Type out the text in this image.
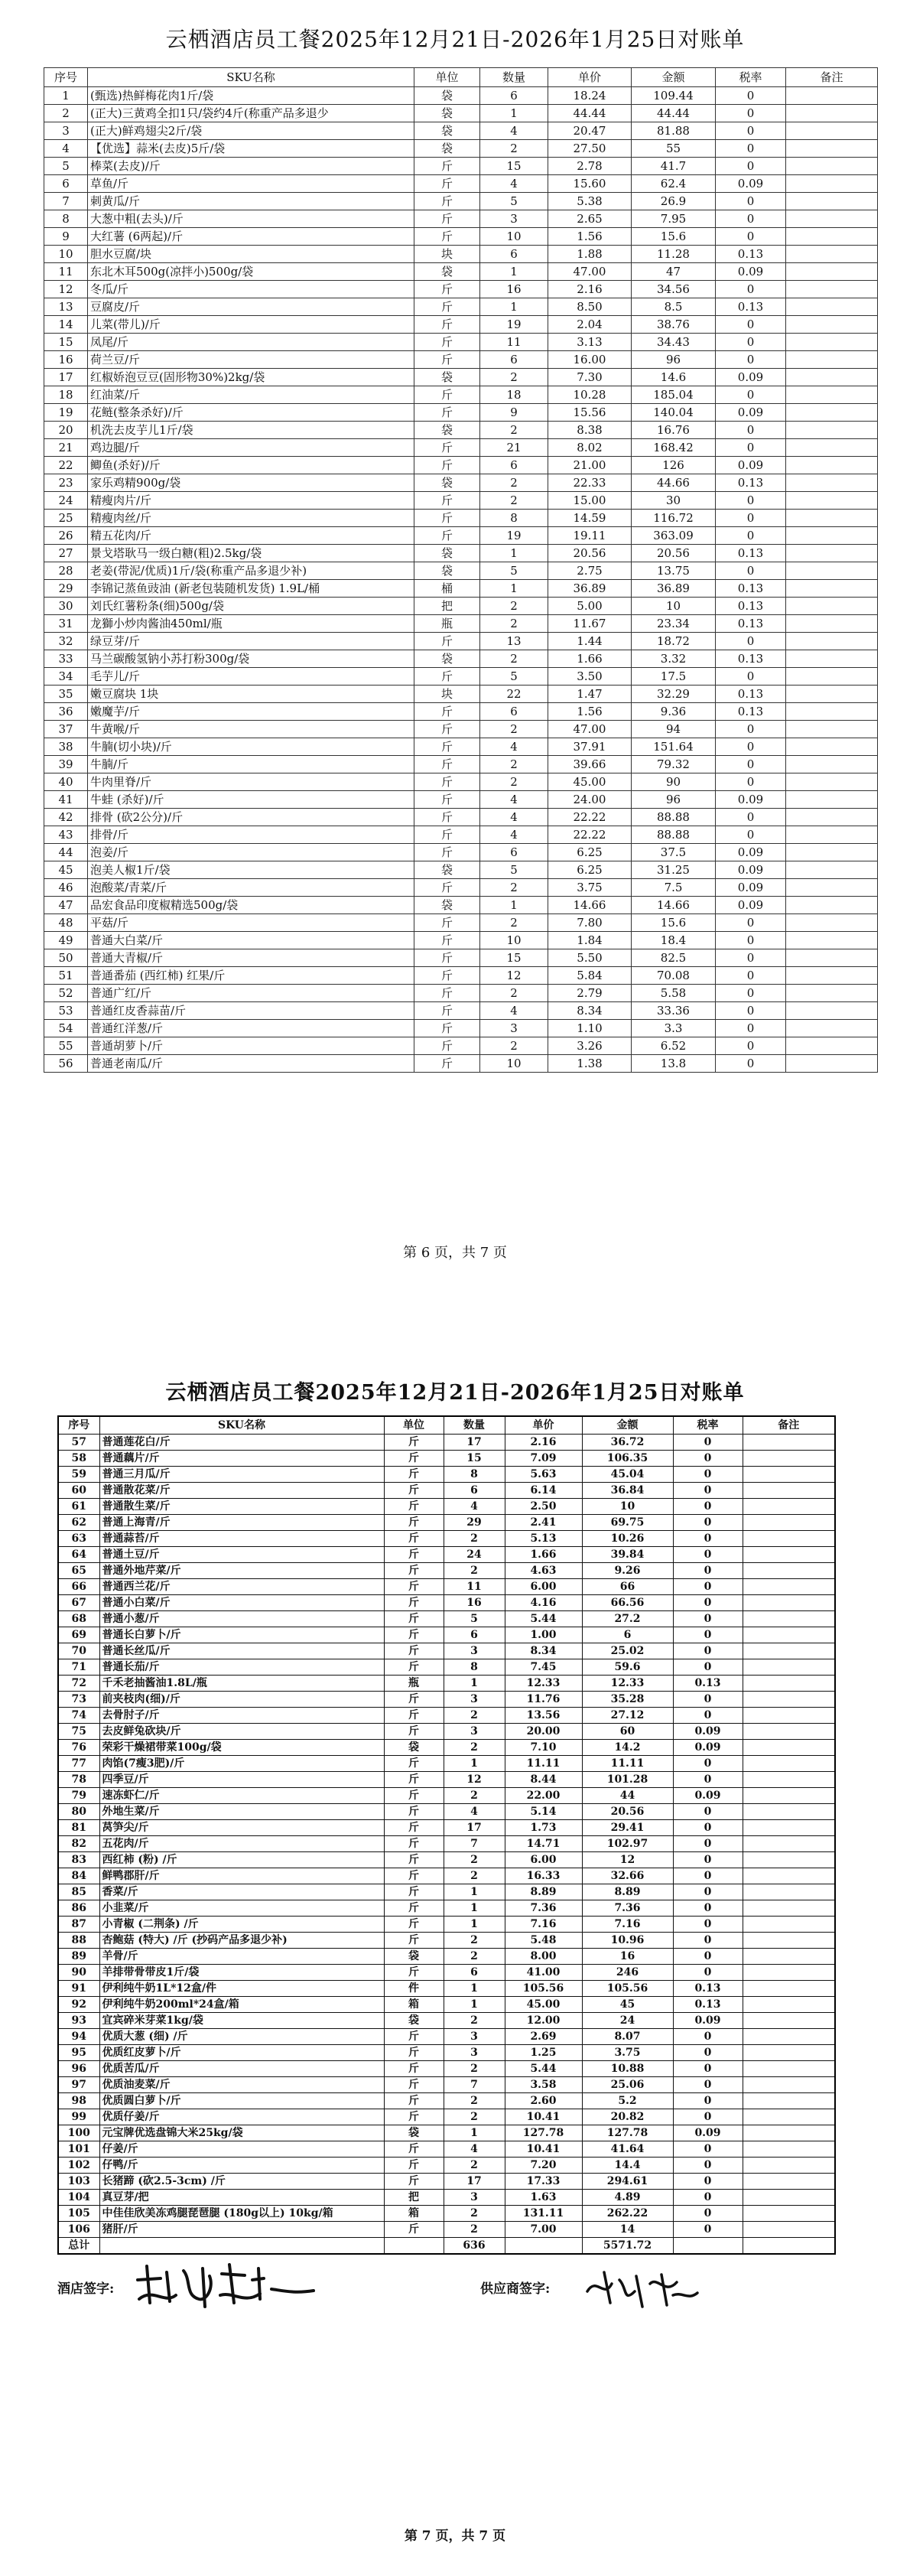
云栖酒店员工餐2025年12月21日-2026年1月25日对账单
序号	SKU名称	单位	数量	单价	金额	税率	备注
1	(甄选)热鲜梅花肉1斤/袋	袋	6	18.24	109.44	0	
2	(正大)三黄鸡全扣1只/袋约4斤(称重产品多退少	袋	1	44.44	44.44	0	
3	(正大)鲜鸡翅尖2斤/袋	袋	4	20.47	81.88	0	
4	【优选】蒜米(去皮)5斤/袋	袋	2	27.50	55	0	
5	棒菜(去皮)/斤	斤	15	2.78	41.7	0	
6	草鱼/斤	斤	4	15.60	62.4	0.09	
7	刺黄瓜/斤	斤	5	5.38	26.9	0	
8	大葱中粗(去头)/斤	斤	3	2.65	7.95	0	
9	大红薯 (6两起)/斤	斤	10	1.56	15.6	0	
10	胆水豆腐/块	块	6	1.88	11.28	0.13	
11	东北木耳500g(凉拌小)500g/袋	袋	1	47.00	47	0.09	
12	冬瓜/斤	斤	16	2.16	34.56	0	
13	豆腐皮/斤	斤	1	8.50	8.5	0.13	
14	儿菜(带儿)/斤	斤	19	2.04	38.76	0	
15	凤尾/斤	斤	11	3.13	34.43	0	
16	荷兰豆/斤	斤	6	16.00	96	0	
17	红椒娇泡豆豆(固形物30%)2kg/袋	袋	2	7.30	14.6	0.09	
18	红油菜/斤	斤	18	10.28	185.04	0	
19	花鲢(整条杀好)/斤	斤	9	15.56	140.04	0.09	
20	机洗去皮芋儿1斤/袋	袋	2	8.38	16.76	0	
21	鸡边腿/斤	斤	21	8.02	168.42	0	
22	鲫鱼(杀好)/斤	斤	6	21.00	126	0.09	
23	家乐鸡精900g/袋	袋	2	22.33	44.66	0.13	
24	精瘦肉片/斤	斤	2	15.00	30	0	
25	精瘦肉丝/斤	斤	8	14.59	116.72	0	
26	精五花肉/斤	斤	19	19.11	363.09	0	
27	景戈塔耿马一级白糖(粗)2.5kg/袋	袋	1	20.56	20.56	0.13	
28	老姜(带泥/优质)1斤/袋(称重产品多退少补)	袋	5	2.75	13.75	0	
29	李锦记蒸鱼豉油 (新老包装随机发货) 1.9L/桶	桶	1	36.89	36.89	0.13	
30	刘氏红薯粉条(细)500g/袋	把	2	5.00	10	0.13	
31	龙獅小炒肉酱油450ml/瓶	瓶	2	11.67	23.34	0.13	
32	绿豆芽/斤	斤	13	1.44	18.72	0	
33	马兰碳酸氢钠小苏打粉300g/袋	袋	2	1.66	3.32	0.13	
34	毛芋儿/斤	斤	5	3.50	17.5	0	
35	嫩豆腐块 1块	块	22	1.47	32.29	0.13	
36	嫩魔芋/斤	斤	6	1.56	9.36	0.13	
37	牛黄喉/斤	斤	2	47.00	94	0	
38	牛腩(切小块)/斤	斤	4	37.91	151.64	0	
39	牛腩/斤	斤	2	39.66	79.32	0	
40	牛肉里脊/斤	斤	2	45.00	90	0	
41	牛蛙 (杀好)/斤	斤	4	24.00	96	0.09	
42	排骨 (砍2公分)/斤	斤	4	22.22	88.88	0	
43	排骨/斤	斤	4	22.22	88.88	0	
44	泡姜/斤	斤	6	6.25	37.5	0.09	
45	泡美人椒1斤/袋	袋	5	6.25	31.25	0.09	
46	泡酸菜/青菜/斤	斤	2	3.75	7.5	0.09	
47	品宏食品印度椒精选500g/袋	袋	1	14.66	14.66	0.09	
48	平菇/斤	斤	2	7.80	15.6	0	
49	普通大白菜/斤	斤	10	1.84	18.4	0	
50	普通大青椒/斤	斤	15	5.50	82.5	0	
51	普通番茄 (西红柿) 红果/斤	斤	12	5.84	70.08	0	
52	普通广红/斤	斤	2	2.79	5.58	0	
53	普通红皮香蒜苗/斤	斤	4	8.34	33.36	0	
54	普通红洋葱/斤	斤	3	1.10	3.3	0	
55	普通胡萝卜/斤	斤	2	3.26	6.52	0	
56	普通老南瓜/斤	斤	10	1.38	13.8	0	
第 6 页，共 7 页
云栖酒店员工餐2025年12月21日-2026年1月25日对账单
序号	SKU名称	单位	数量	单价	金额	税率	备注
57	普通莲花白/斤	斤	17	2.16	36.72	0	
58	普通藕片/斤	斤	15	7.09	106.35	0	
59	普通三月瓜/斤	斤	8	5.63	45.04	0	
60	普通散花菜/斤	斤	6	6.14	36.84	0	
61	普通散生菜/斤	斤	4	2.50	10	0	
62	普通上海青/斤	斤	29	2.41	69.75	0	
63	普通蒜苔/斤	斤	2	5.13	10.26	0	
64	普通土豆/斤	斤	24	1.66	39.84	0	
65	普通外地芹菜/斤	斤	2	4.63	9.26	0	
66	普通西兰花/斤	斤	11	6.00	66	0	
67	普通小白菜/斤	斤	16	4.16	66.56	0	
68	普通小葱/斤	斤	5	5.44	27.2	0	
69	普通长白萝卜/斤	斤	6	1.00	6	0	
70	普通长丝瓜/斤	斤	3	8.34	25.02	0	
71	普通长茄/斤	斤	8	7.45	59.6	0	
72	千禾老抽酱油1.8L/瓶	瓶	1	12.33	12.33	0.13	
73	前夹枝肉(细)/斤	斤	3	11.76	35.28	0	
74	去骨肘子/斤	斤	2	13.56	27.12	0	
75	去皮鲜兔砍块/斤	斤	3	20.00	60	0.09	
76	荣彩干燥裙带菜100g/袋	袋	2	7.10	14.2	0.09	
77	肉馅(7瘦3肥)/斤	斤	1	11.11	11.11	0	
78	四季豆/斤	斤	12	8.44	101.28	0	
79	速冻虾仁/斤	斤	2	22.00	44	0.09	
80	外地生菜/斤	斤	4	5.14	20.56	0	
81	莴笋尖/斤	斤	17	1.73	29.41	0	
82	五花肉/斤	斤	7	14.71	102.97	0	
83	西红柿 (粉) /斤	斤	2	6.00	12	0	
84	鲜鸭郡肝/斤	斤	2	16.33	32.66	0	
85	香菜/斤	斤	1	8.89	8.89	0	
86	小韭菜/斤	斤	1	7.36	7.36	0	
87	小青椒 (二荆条) /斤	斤	1	7.16	7.16	0	
88	杏鲍菇 (特大) /斤 (抄码产品多退少补)	斤	2	5.48	10.96	0	
89	羊骨/斤	袋	2	8.00	16	0	
90	羊排带骨带皮1斤/袋	斤	6	41.00	246	0	
91	伊利纯牛奶1L*12盒/件	件	1	105.56	105.56	0.13	
92	伊利纯牛奶200ml*24盒/箱	箱	1	45.00	45	0.13	
93	宜宾碎米芽菜1kg/袋	袋	2	12.00	24	0.09	
94	优质大葱 (细) /斤	斤	3	2.69	8.07	0	
95	优质红皮萝卜/斤	斤	3	1.25	3.75	0	
96	优质苦瓜/斤	斤	2	5.44	10.88	0	
97	优质油麦菜/斤	斤	7	3.58	25.06	0	
98	优质圆白萝卜/斤	斤	2	2.60	5.2	0	
99	优质仔姜/斤	斤	2	10.41	20.82	0	
100	元宝牌优选盘锦大米25kg/袋	袋	1	127.78	127.78	0.09	
101	仔姜/斤	斤	4	10.41	41.64	0	
102	仔鸭/斤	斤	2	7.20	14.4	0	
103	长猪蹄 (砍2.5-3cm) /斤	斤	17	17.33	294.61	0	
104	真豆芽/把	把	3	1.63	4.89	0	
105	中佳佳欣美冻鸡腿琵琶腿 (180g以上) 10kg/箱	箱	2	131.11	262.22	0	
106	猪肝/斤	斤	2	7.00	14	0	
总计			636		5571.72		
酒店签字:	供应商签字:
第 7 页，共 7 页
